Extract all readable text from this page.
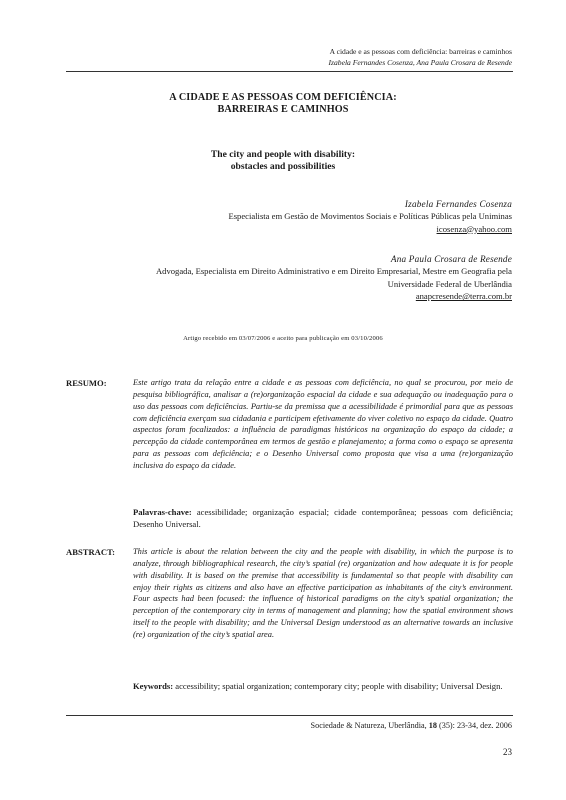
A cidade e as pessoas com deficiência: barreiras e caminhos
Izabela Fernandes Cosenza, Ana Paula Crosara de Resende
A CIDADE E AS PESSOAS COM DEFICIÊNCIA:
BARREIRAS E CAMINHOS
The city and people with disability:
obstacles and possibilities
Izabela Fernandes Cosenza
Especialista em Gestão de Movimentos Sociais e Políticas Públicas pela Uniminas
icosenza@yahoo.com
Ana Paula Crosara de Resende
Advogada, Especialista em Direito Administrativo e em Direito Empresarial, Mestre em Geografia pela
Universidade Federal de Uberlândia
anapcresende@terra.com.br
Artigo recebido em 03/07/2006 e aceito para publicação em 03/10/2006
RESUMO:	Este artigo trata da relação entre a cidade e as pessoas com deficiência, no qual se procurou, por meio de pesquisa bibliográfica, analisar a (re)organização espacial da cidade e sua adequação ou inadequação para o uso das pessoas com deficiências. Partiu-se da premissa que a acessibilidade é primordial para que as pessoas com deficiência exerçam sua cidadania e participem efetivamente do viver coletivo no espaço da cidade. Quatro aspectos foram focalizados: a influência de paradigmas históricos na organização do espaço da cidade; a percepção da cidade contemporânea em termos de gestão e planejamento; a forma como o espaço se apresenta para as pessoas com deficiência; e o Desenho Universal como proposta que visa a uma (re)organização inclusiva do espaço da cidade.
Palavras-chave: acessibilidade; organização espacial; cidade contemporânea; pessoas com deficiência; Desenho Universal.
ABSTRACT: This article is about the relation between the city and the people with disability, in which the purpose is to analyze, through bibliographical research, the city’s spatial (re) organization and how adequate it is for people with disability. It is based on the premise that accessibility is fundamental so that people with disability can enjoy their rights as citizens and also have an effective participation as inhabitants of the city’s environment. Four aspects had been focused: the influence of historical paradigms on the city’s spatial organization; the perception of the contemporary city in terms of management and planning; how the spatial environment shows itself to the people with disability; and the Universal Design understood as an alternative towards an inclusive (re) organization of the city’s spatial area.
Keywords: accessibility; spatial organization; contemporary city; people with disability; Universal Design.
Sociedade & Natureza, Uberlândia, 18 (35): 23-34, dez. 2006
23
